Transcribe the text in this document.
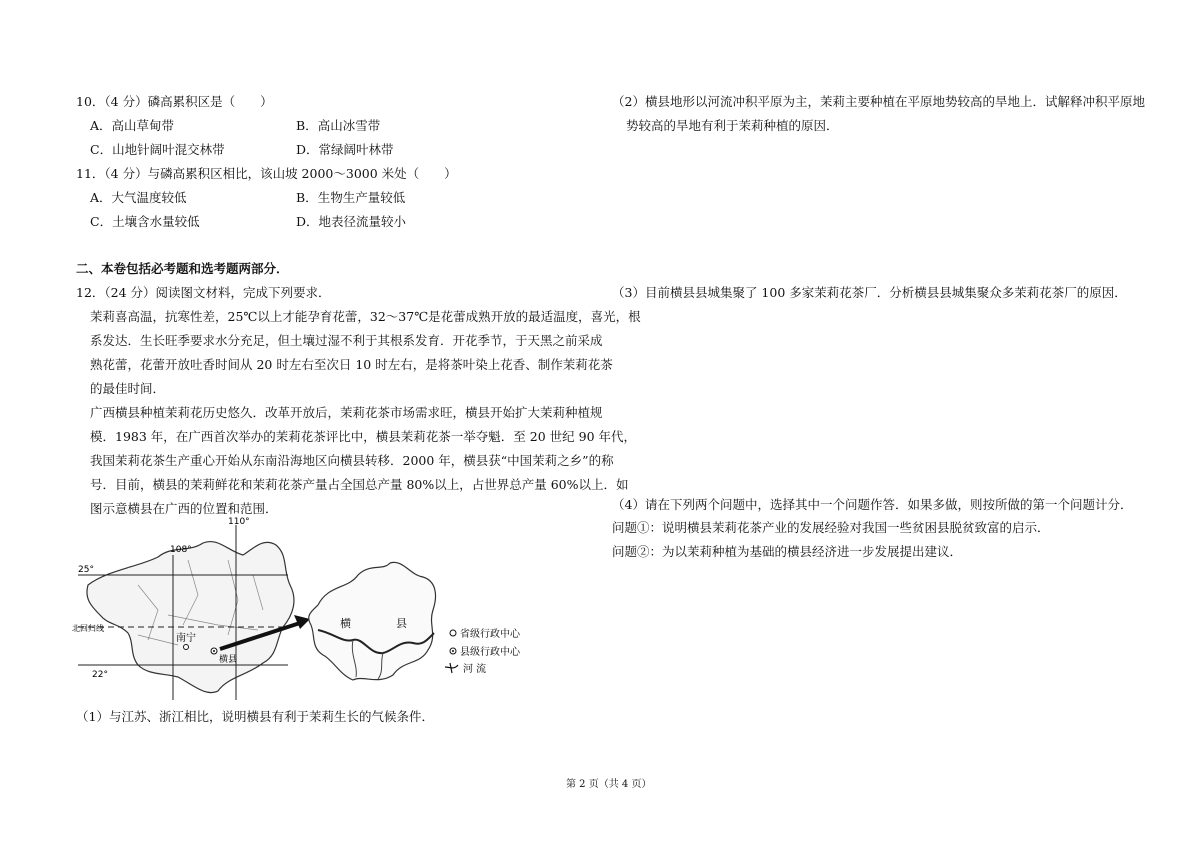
10．（4 分）磷高累积区是（　　）
A．高山草甸带	B．高山冰雪带
C．山地针阔叶混交林带	D．常绿阔叶林带
11．（4 分）与磷高累积区相比，该山坡 2000～3000 米处（　　）
A．大气温度较低	B．生物生产量较低
C．土壤含水量较低	D．地表径流量较小
二、本卷包括必考题和选考题两部分．
12．（24 分）阅读图文材料，完成下列要求．
茉莉喜高温，抗寒性差，25℃以上才能孕育花蕾，32～37℃是花蕾成熟开放的最适温度，喜光，根
系发达．生长旺季要求水分充足，但土壤过湿不利于其根系发育．开花季节，于天黑之前采成
熟花蕾，花蕾开放吐香时间从 20 时左右至次日 10 时左右，是将茶叶染上花香、制作茉莉花茶
的最佳时间．
广西横县种植茉莉花历史悠久．改革开放后，茉莉花茶市场需求旺，横县开始扩大茉莉种植规
模．1983 年，在广西首次举办的茉莉花茶评比中，横县茉莉花茶一举夺魁．至 20 世纪 90 年代，
我国茉莉花茶生产重心开始从东南沿海地区向横县转移．2000 年，横县获“中国茉莉之乡”的称
号．目前，横县的茉莉鲜花和茉莉花茶产量占全国总产量 80%以上，占世界总产量 60%以上．如
图示意横县在广西的位置和范围．
110°
108°
25°
22°
北回归线
南宁
横县
横	县
省级行政中心
县级行政中心
河 流
（1）与江苏、浙江相比，说明横县有利于茉莉生长的气候条件．
（2）横县地形以河流冲积平原为主，茉莉主要种植在平原地势较高的旱地上．试解释冲积平原地
势较高的旱地有利于茉莉种植的原因．
（3）目前横县县城集聚了 100 多家茉莉花茶厂．分析横县县城集聚众多茉莉花茶厂的原因．
（4）请在下列两个问题中，选择其中一个问题作答．如果多做，则按所做的第一个问题计分．
问题①：说明横县茉莉花茶产业的发展经验对我国一些贫困县脱贫致富的启示．
问题②：为以茉莉种植为基础的横县经济进一步发展提出建议．
第 2 页（共 4 页）
